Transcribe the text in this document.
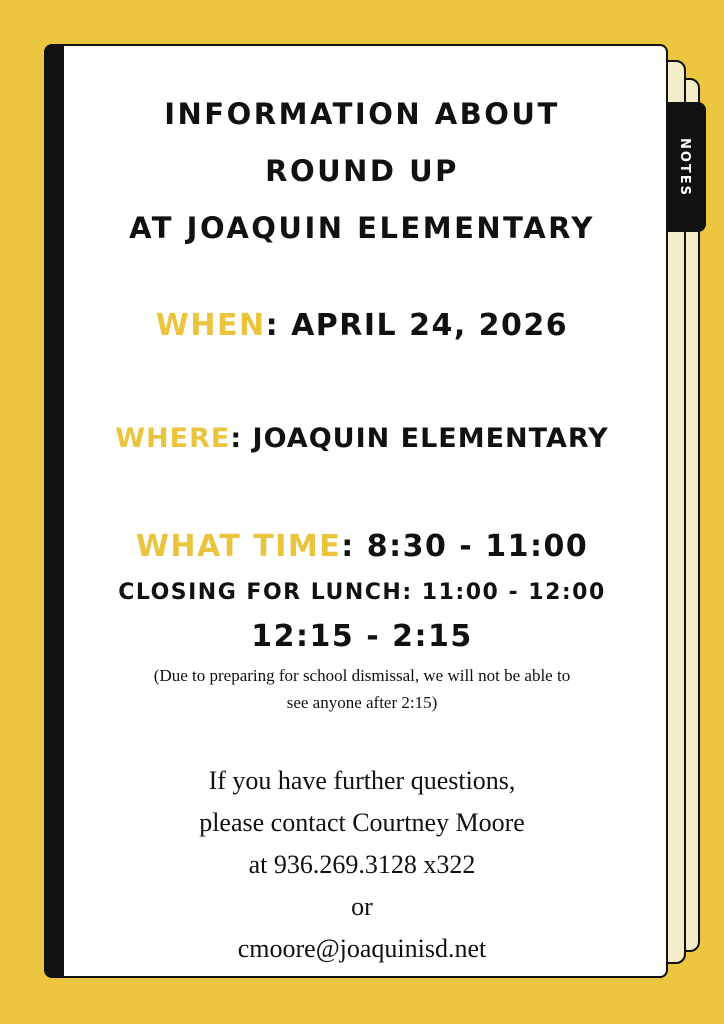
NOTES
INFORMATION ABOUT
ROUND UP
AT JOAQUIN ELEMENTARY
WHEN: APRIL 24, 2026
WHERE: JOAQUIN ELEMENTARY
WHAT TIME: 8:30 - 11:00
CLOSING FOR LUNCH: 11:00 - 12:00
12:15 - 2:15
(Due to preparing for school dismissal, we will not be able to
see anyone after 2:15)
If you have further questions,
please contact Courtney Moore
at 936.269.3128 x322
or
cmoore@joaquinisd.net
